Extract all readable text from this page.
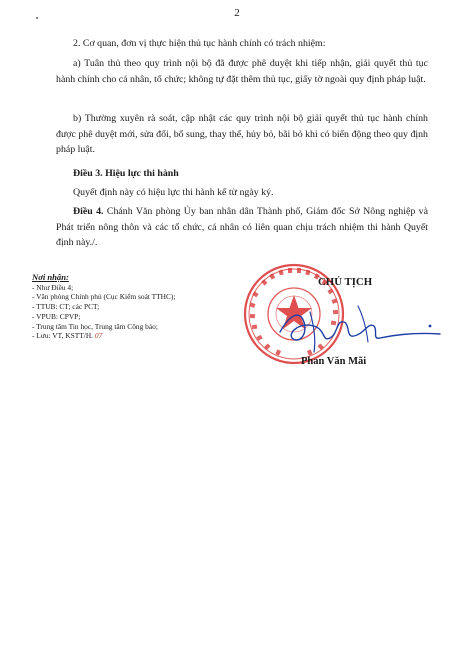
2

2. Cơ quan, đơn vị thực hiện thủ tục hành chính có trách nhiệm:

a) Tuân thủ theo quy trình nội bộ đã được phê duyệt khi tiếp nhận, giải quyết thủ tục hành chính cho cá nhân, tổ chức; không tự đặt thêm thủ tục, giấy tờ ngoài quy định pháp luật.

b) Thường xuyên rà soát, cập nhật các quy trình nội bộ giải quyết thủ tục hành chính được phê duyệt mới, sửa đổi, bổ sung, thay thế, hủy bỏ, bãi bỏ khi có biến động theo quy định pháp luật.

Điều 3. Hiệu lực thi hành

Quyết định này có hiệu lực thi hành kể từ ngày ký.

Điều 4. Chánh Văn phòng Ủy ban nhân dân Thành phố, Giám đốc Sở Nông nghiệp và Phát triển nông thôn và các tổ chức, cá nhân có liên quan chịu trách nhiệm thi hành Quyết định này./.

Nơi nhận:
- Như Điều 4;
- Văn phòng Chính phủ (Cục Kiểm soát TTHC);
- TTUB: CT; các PCT;
- VPUB: CPVP;
- Trung tâm Tin học, Trung tâm Công báo;
- Lưu: VT, KSTT/H. 07
CHỦ TỊCH
Phan Văn Mãi
